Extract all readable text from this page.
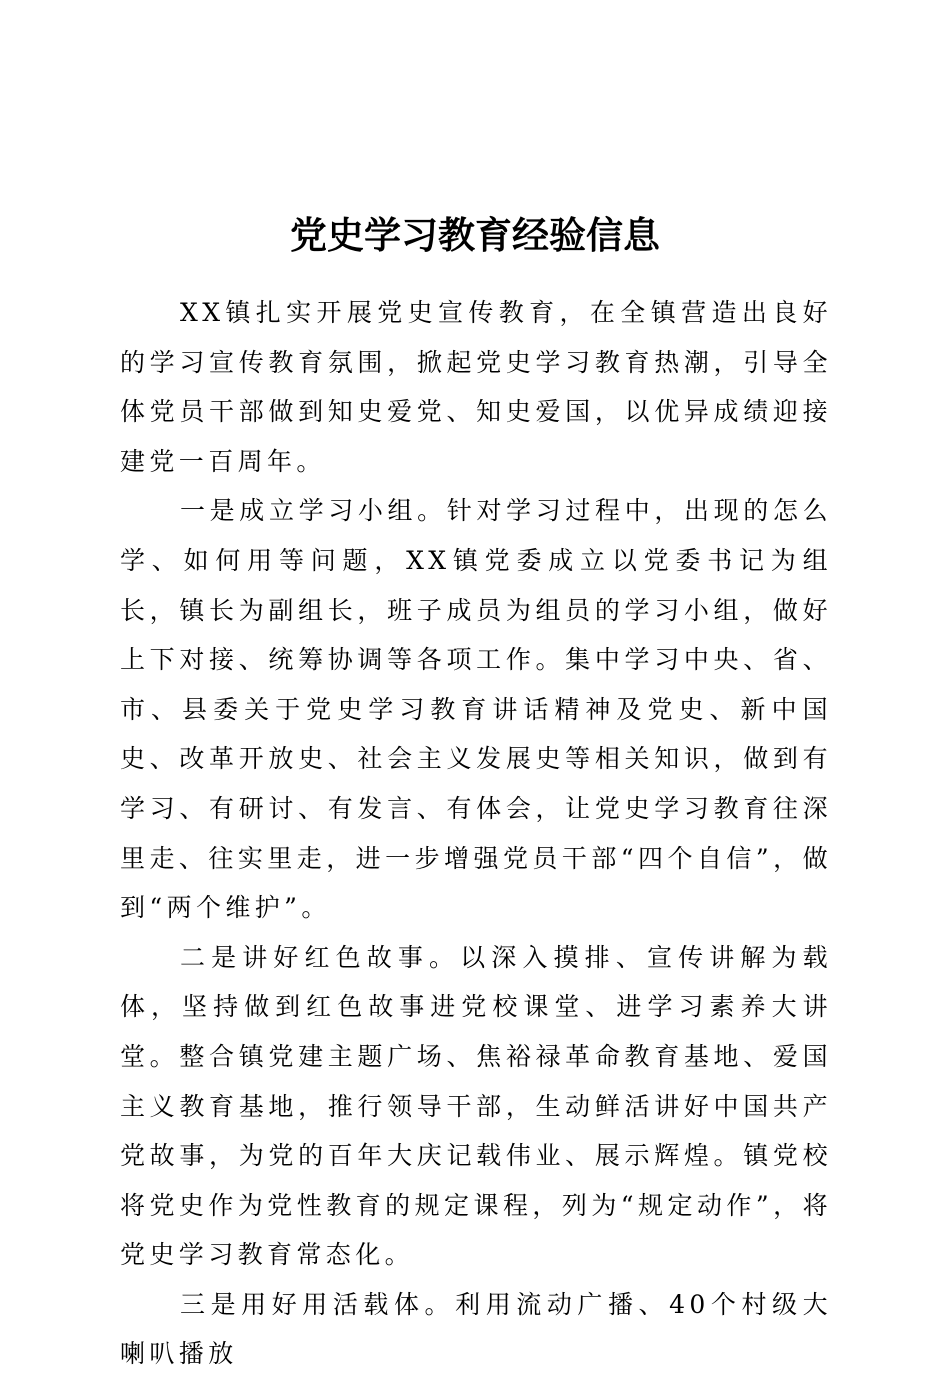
党史学习教育经验信息

XX镇扎实开展党史宣传教育，在全镇营造出良好的学习宣传教育氛围，掀起党史学习教育热潮，引导全体党员干部做到知史爱党、知史爱国，以优异成绩迎接建党一百周年。

一是成立学习小组。针对学习过程中，出现的怎么学、如何用等问题，XX镇党委成立以党委书记为组长，镇长为副组长，班子成员为组员的学习小组，做好上下对接、统筹协调等各项工作。集中学习中央、省、市、县委关于党史学习教育讲话精神及党史、新中国史、改革开放史、社会主义发展史等相关知识，做到有学习、有研讨、有发言、有体会，让党史学习教育往深里走、往实里走，进一步增强党员干部“四个自信”，做到“两个维护”。

二是讲好红色故事。以深入摸排、宣传讲解为载体，坚持做到红色故事进党校课堂、进学习素养大讲堂。整合镇党建主题广场、焦裕禄革命教育基地、爱国主义教育基地，推行领导干部，生动鲜活讲好中国共产党故事，为党的百年大庆记载伟业、展示辉煌。镇党校将党史作为党性教育的规定课程，列为“规定动作”，将党史学习教育常态化。

三是用好用活载体。利用流动广播、40个村级大喇叭播放
